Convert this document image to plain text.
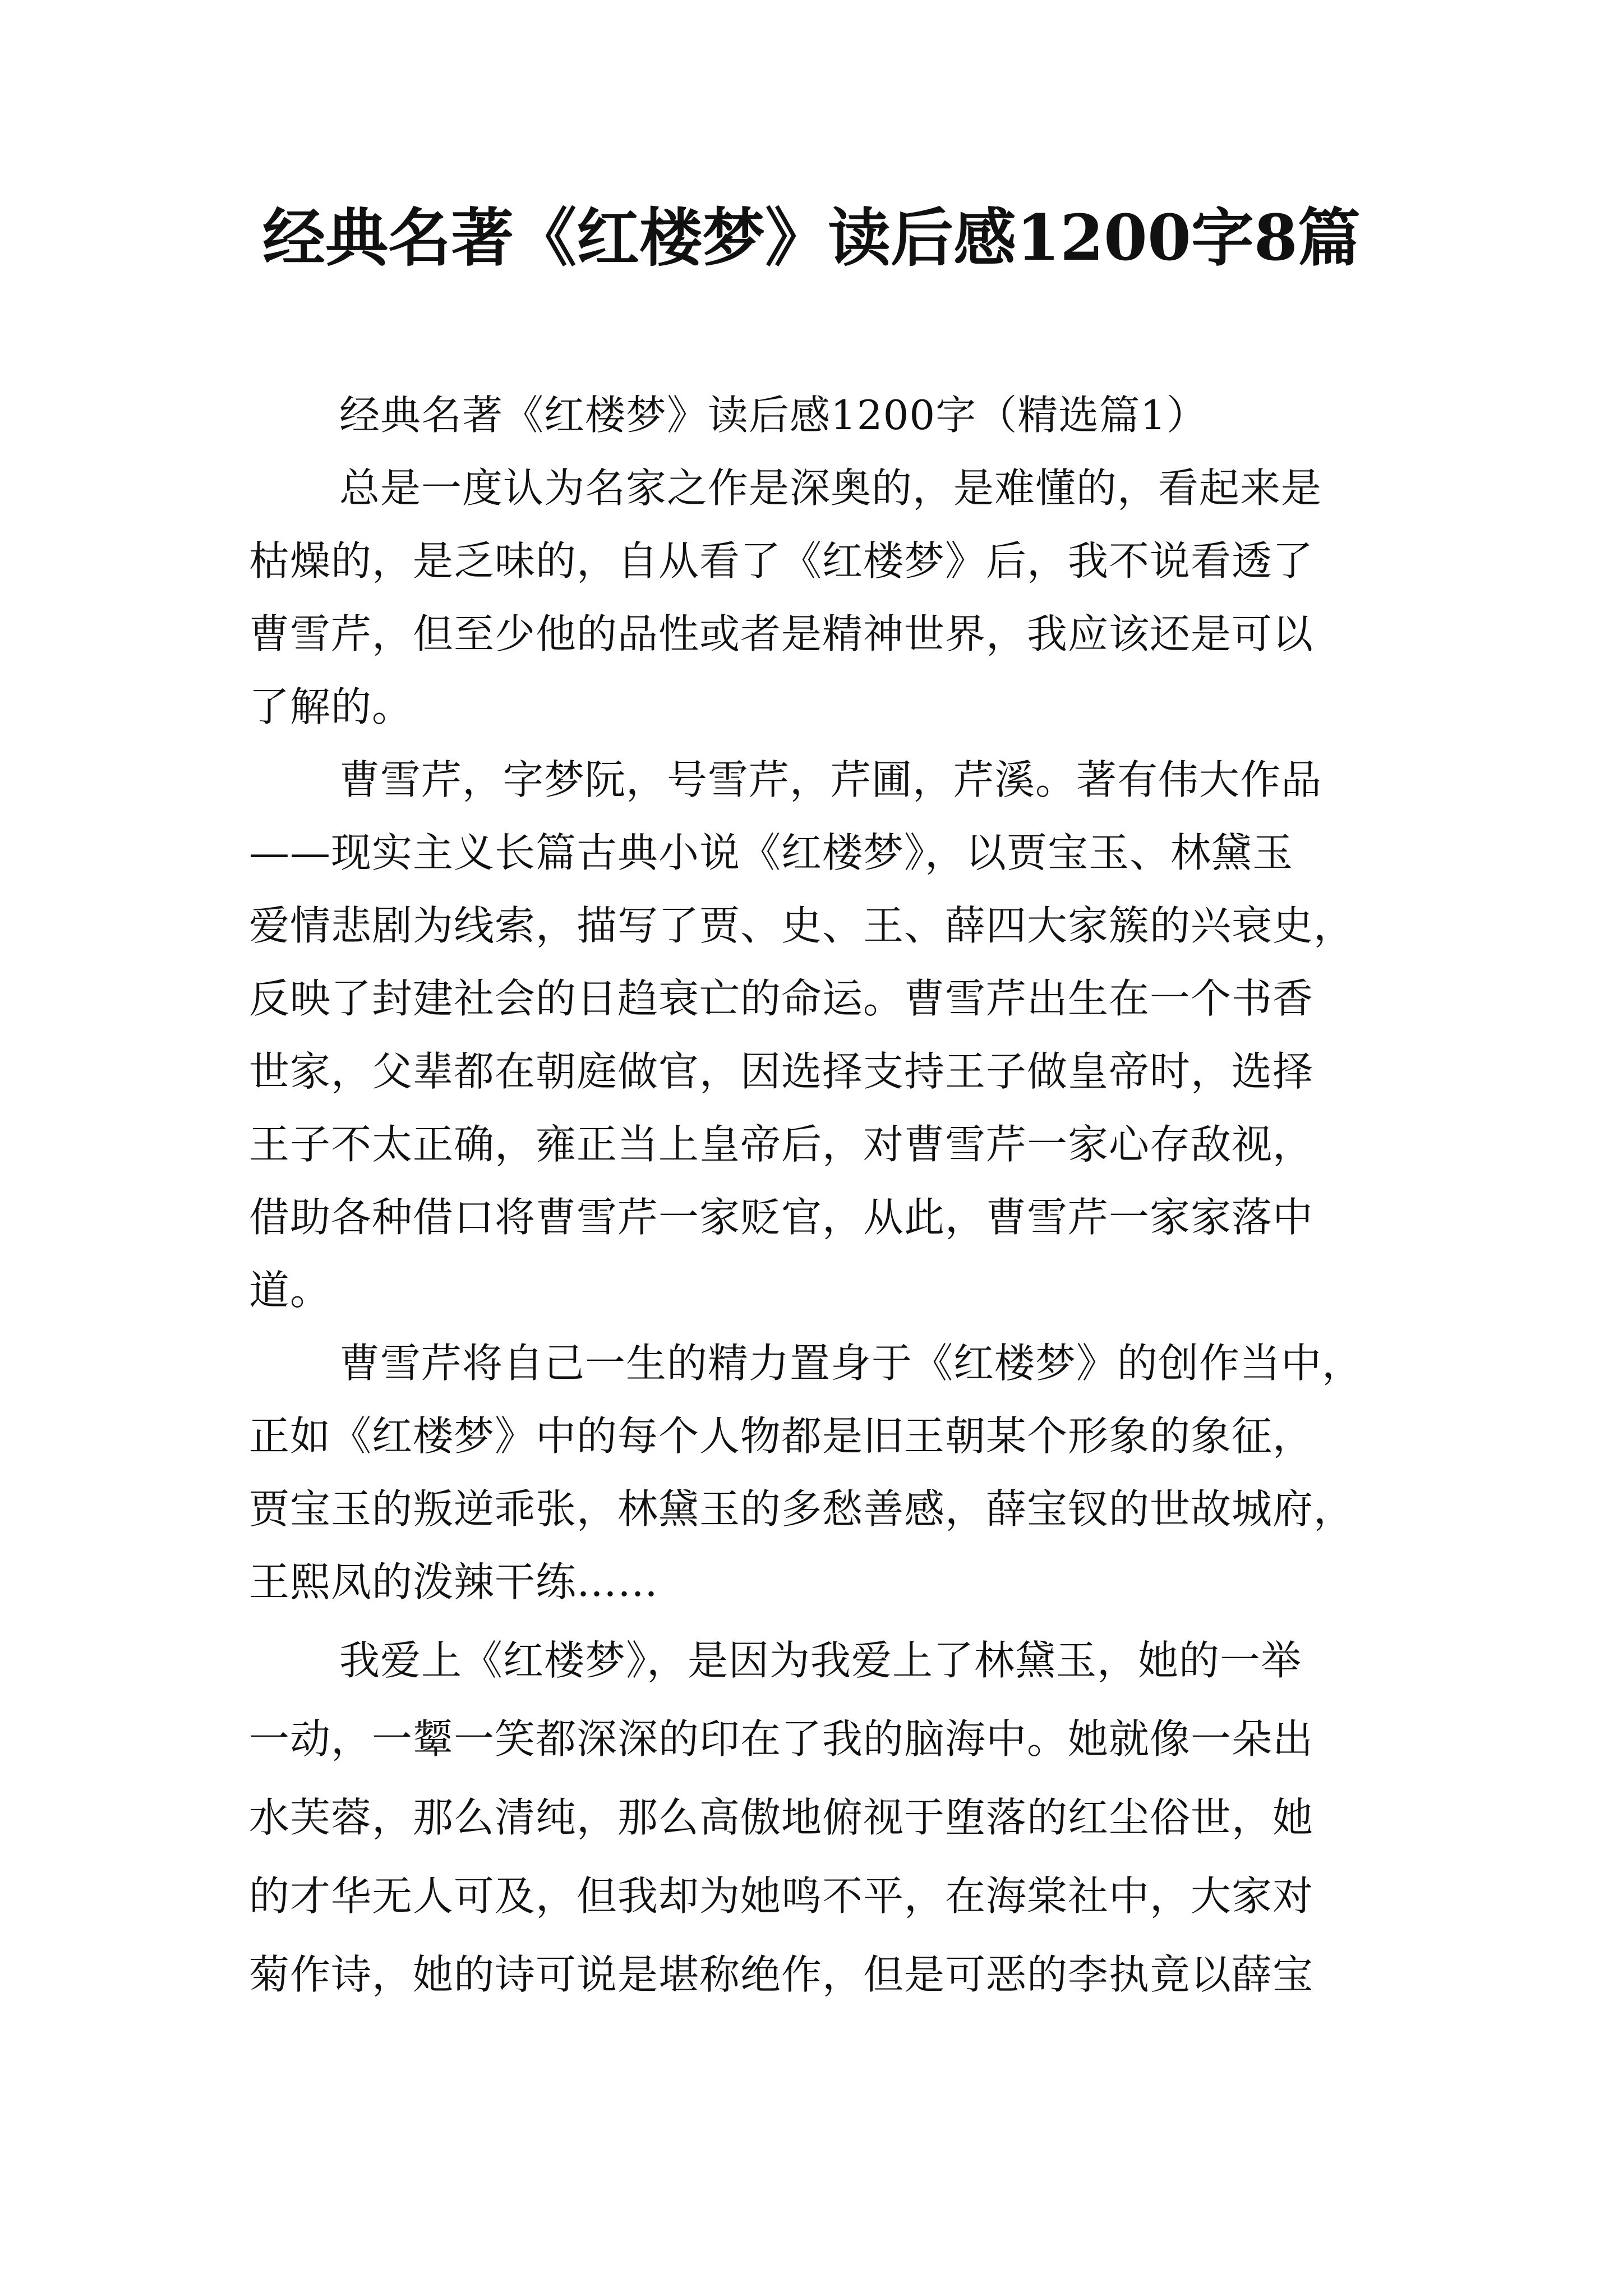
经典名著《红楼梦》读后感1200字8篇
经典名著《红楼梦》读后感1200字（精选篇1）
总是一度认为名家之作是深奥的，是难懂的，看起来是
枯燥的，是乏味的，自从看了《红楼梦》后，我不说看透了
曹雪芹，但至少他的品性或者是精神世界，我应该还是可以
了解的。
曹雪芹，字梦阮，号雪芹，芹圃，芹溪。著有伟大作品
——现实主义长篇古典小说《红楼梦》，以贾宝玉、林黛玉
爱情悲剧为线索，描写了贾、史、王、薛四大家簇的兴衰史，
反映了封建社会的日趋衰亡的命运。曹雪芹出生在一个书香
世家，父辈都在朝庭做官，因选择支持王子做皇帝时，选择
王子不太正确，雍正当上皇帝后，对曹雪芹一家心存敌视，
借助各种借口将曹雪芹一家贬官，从此，曹雪芹一家家落中
道。
曹雪芹将自己一生的精力置身于《红楼梦》的创作当中，
正如《红楼梦》中的每个人物都是旧王朝某个形象的象征，
贾宝玉的叛逆乖张，林黛玉的多愁善感，薛宝钗的世故城府，
王熙凤的泼辣干练……
我爱上《红楼梦》，是因为我爱上了林黛玉，她的一举
一动，一颦一笑都深深的印在了我的脑海中。她就像一朵出
水芙蓉，那么清纯，那么高傲地俯视于堕落的红尘俗世，她
的才华无人可及，但我却为她鸣不平，在海棠社中，大家对
菊作诗，她的诗可说是堪称绝作，但是可恶的李执竟以薛宝
